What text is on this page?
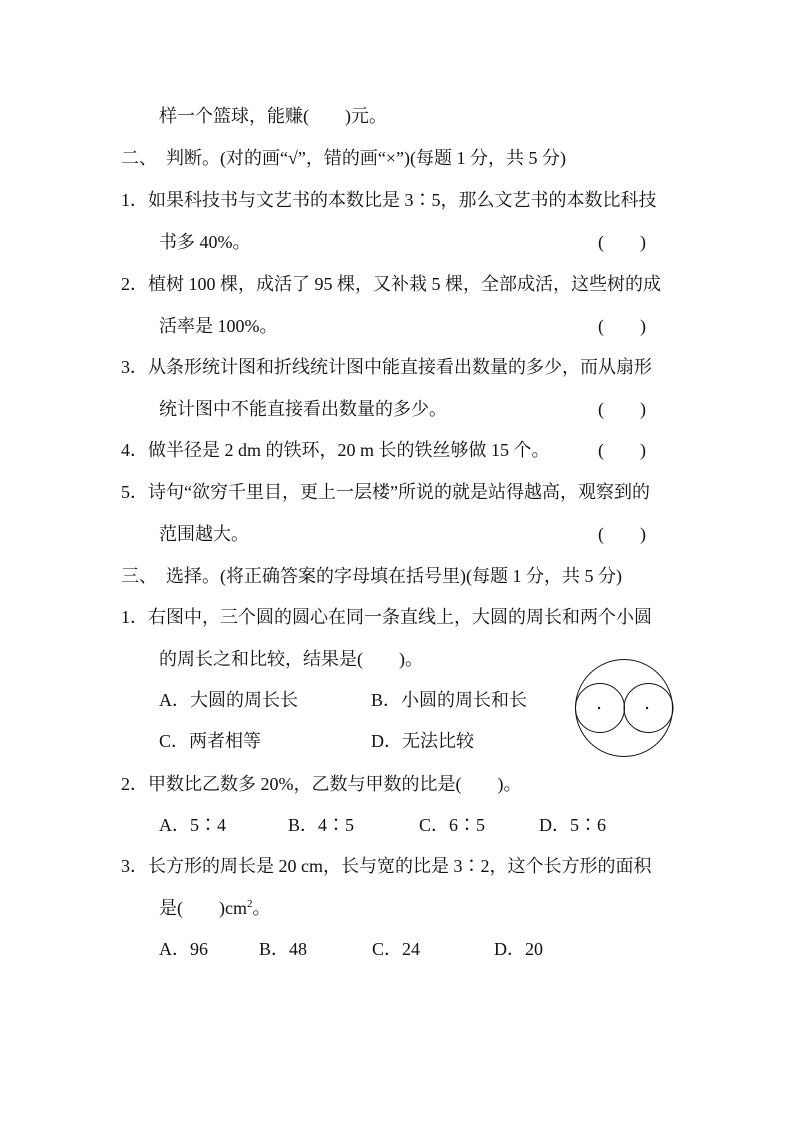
样一个篮球，能赚(　　)元。
二、　判断。(对的画“√”，错的画“×”)(每题 1 分，共 5 分)
1．如果科技书与文艺书的本数比是 3∶5，那么文艺书的本数比科技
书多 40%。	(　　)
2．植树 100 棵，成活了 95 棵，又补栽 5 棵，全部成活，这些树的成
活率是 100%。	(　　)
3．从条形统计图和折线统计图中能直接看出数量的多少，而从扇形
统计图中不能直接看出数量的多少。	(　　)
4．做半径是 2 dm 的铁环，20 m 长的铁丝够做 15 个。	(　　)
5．诗句“欲穷千里目，更上一层楼”所说的就是站得越高，观察到的
范围越大。	(　　)
三、　选择。(将正确答案的字母填在括号里)(每题 1 分，共 5 分)
1．右图中，三个圆的圆心在同一条直线上，大圆的周长和两个小圆
的周长之和比较，结果是(　　)。
A．大圆的周长长	B．小圆的周长和长
C．两者相等	D．无法比较
2．甲数比乙数多 20%，乙数与甲数的比是(　　)。
A．5∶4	B．4∶5	C．6∶5	D．5∶6
3．长方形的周长是 20 cm，长与宽的比是 3∶2，这个长方形的面积
是(　　)$cm^2$。
A．96	B．48	C．24	D．20
